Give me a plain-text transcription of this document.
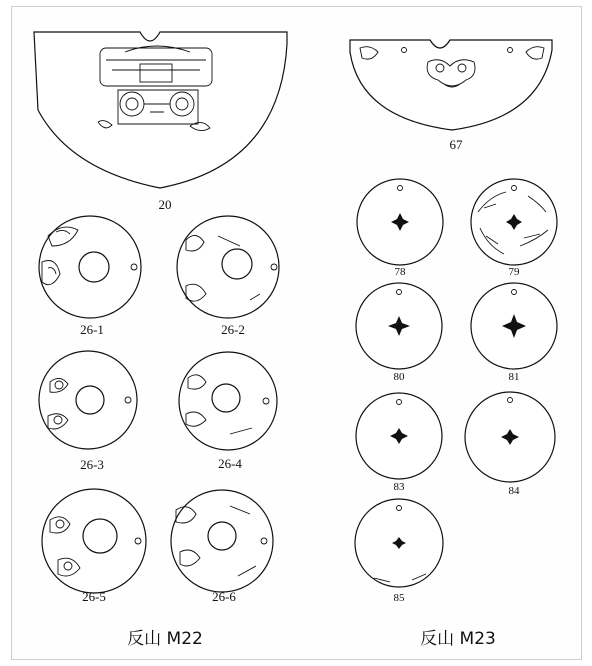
20
67
26-1	26-2
26-3	26-4
26-5	26-6
78	79
80	81
83	84
85
反山 M22	反山 M23
